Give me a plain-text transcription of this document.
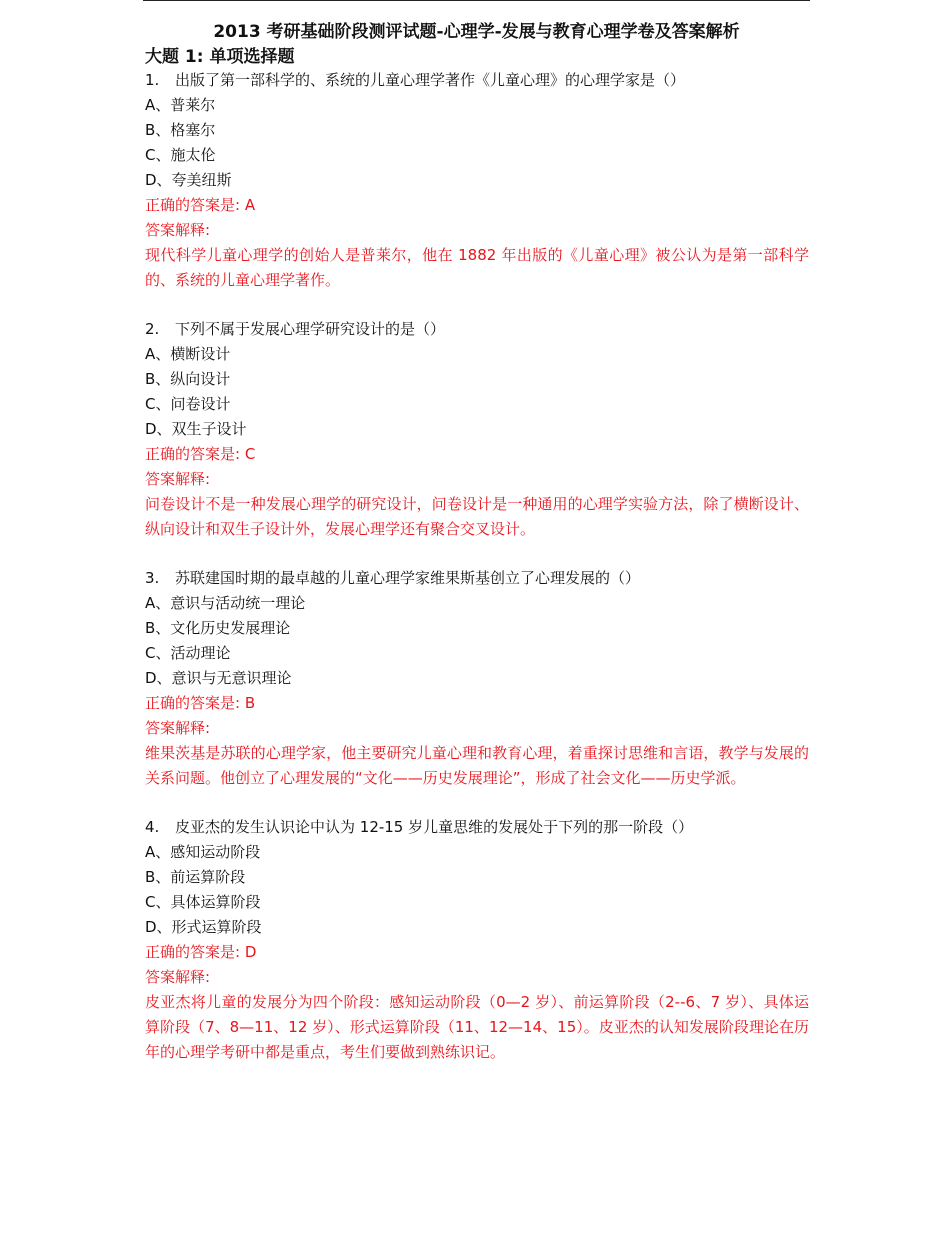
2013 考研基础阶段测评试题-心理学-发展与教育心理学卷及答案解析
大题 1: 单项选择题
1. 出版了第一部科学的、系统的儿童心理学著作《儿童心理》的心理学家是（）
A、普莱尔
B、格塞尔
C、施太伦
D、夸美纽斯
正确的答案是: A
答案解释:
现代科学儿童心理学的创始人是普莱尔，他在 1882 年出版的《儿童心理》被公认为是第一部科学的、系统的儿童心理学著作。
2. 下列不属于发展心理学研究设计的是（）
A、横断设计
B、纵向设计
C、问卷设计
D、双生子设计
正确的答案是: C
答案解释:
问卷设计不是一种发展心理学的研究设计，问卷设计是一种通用的心理学实验方法，除了横断设计、纵向设计和双生子设计外，发展心理学还有聚合交叉设计。
3. 苏联建国时期的最卓越的儿童心理学家维果斯基创立了心理发展的（）
A、意识与活动统一理论
B、文化历史发展理论
C、活动理论
D、意识与无意识理论
正确的答案是: B
答案解释:
维果茨基是苏联的心理学家，他主要研究儿童心理和教育心理，着重探讨思维和言语，教学与发展的关系问题。他创立了心理发展的“文化——历史发展理论”，形成了社会文化——历史学派。
4. 皮亚杰的发生认识论中认为 12-15 岁儿童思维的发展处于下列的那一阶段（）
A、感知运动阶段
B、前运算阶段
C、具体运算阶段
D、形式运算阶段
正确的答案是: D
答案解释:
皮亚杰将儿童的发展分为四个阶段：感知运动阶段（0—2 岁）、前运算阶段（2--6、7 岁）、具体运算阶段（7、8—11、12 岁）、形式运算阶段（11、12—14、15）。皮亚杰的认知发展阶段理论在历年的心理学考研中都是重点，考生们要做到熟练识记。
